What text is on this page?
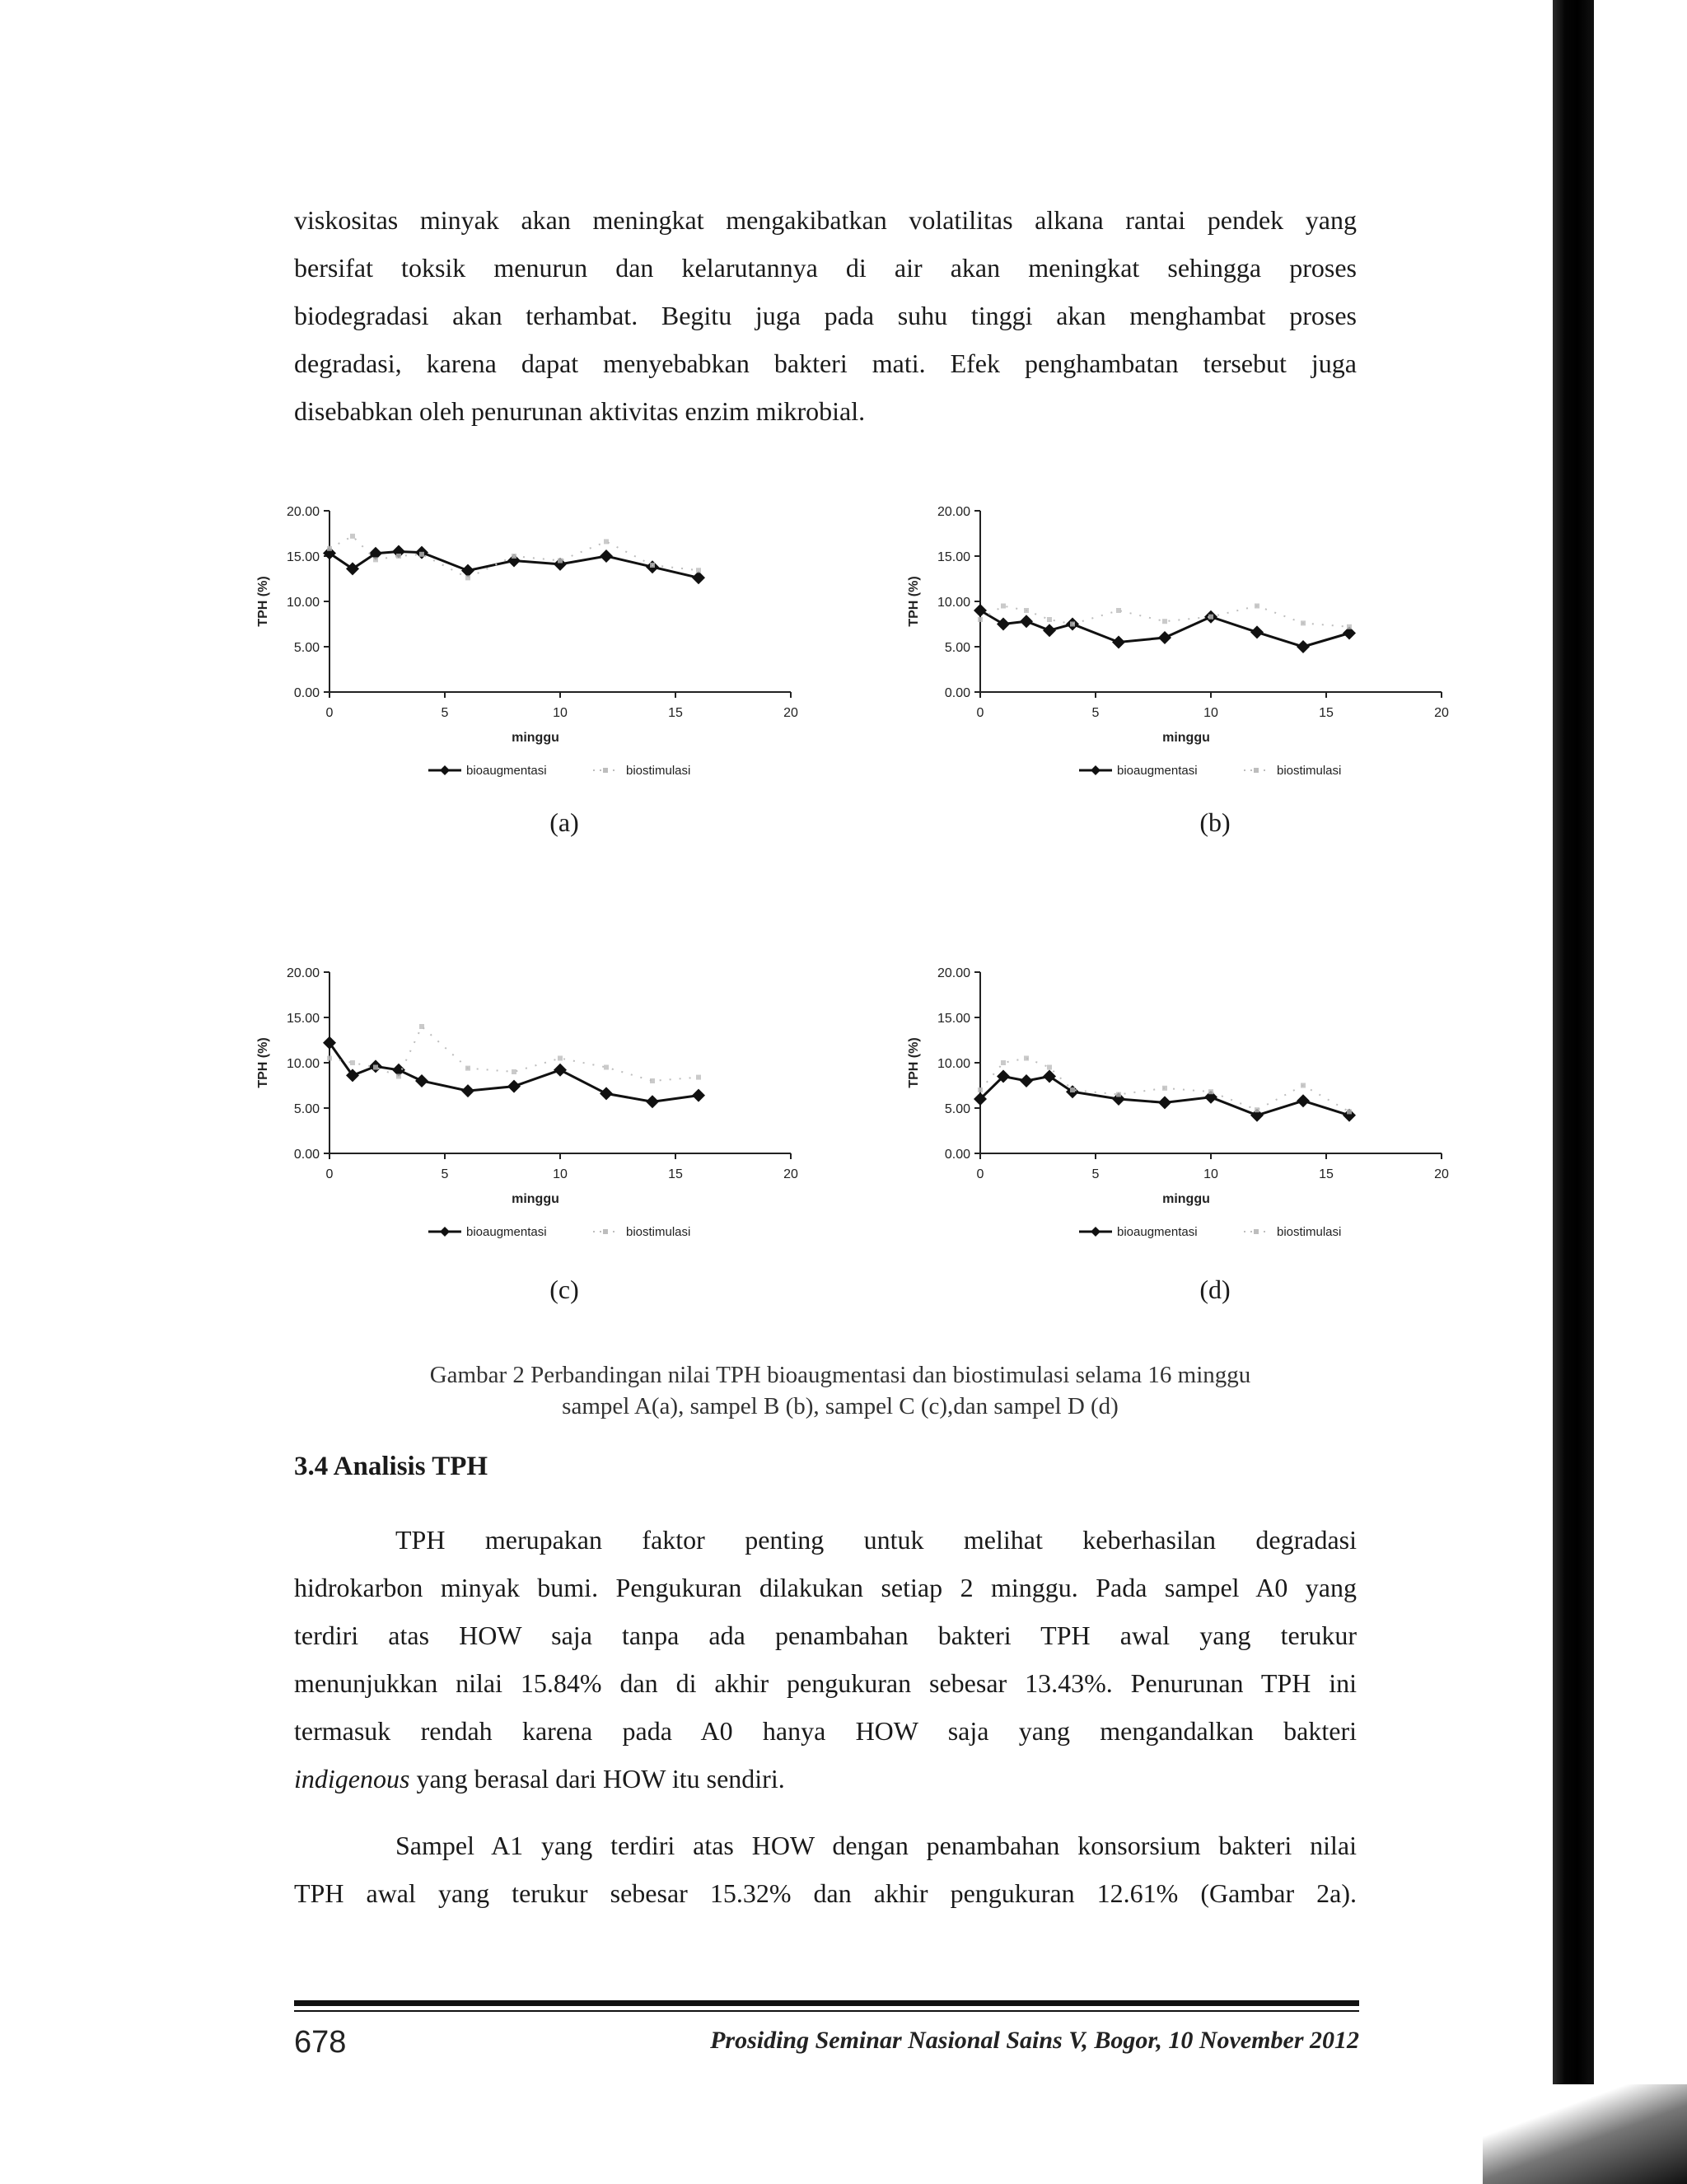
viskositas minyak akan meningkat mengakibatkan volatilitas alkana rantai pendek yang
bersifat toksik menurun dan kelarutannya di air akan meningkat sehingga proses
biodegradasi akan terhambat. Begitu juga pada suhu tinggi akan menghambat proses
degradasi, karena dapat menyebabkan bakteri mati. Efek penghambatan tersebut juga
disebabkan oleh penurunan aktivitas enzim mikrobial.
0.00
5.00
10.00
15.00
20.00
0	5	10	15	20
TPH (%)
minggu
bioaugmentasi	biostimulasi
0.00
5.00
10.00
15.00
20.00
0	5	10	15	20
TPH (%)
minggu
bioaugmentasi	biostimulasi
0.00
5.00
10.00
15.00
20.00
0	5	10	15	20
TPH (%)
minggu
bioaugmentasi	biostimulasi
0.00
5.00
10.00
15.00
20.00
0	5	10	15	20
TPH (%)
minggu
bioaugmentasi	biostimulasi
(a)	(b)
(c)	(d)
Gambar 2 Perbandingan nilai TPH bioaugmentasi dan biostimulasi selama 16 minggu
sampel A(a), sampel B (b), sampel C (c),dan sampel D (d)
3.4 Analisis TPH
TPH merupakan faktor penting untuk melihat keberhasilan degradasi
hidrokarbon minyak bumi. Pengukuran dilakukan setiap 2 minggu. Pada sampel A0 yang
terdiri atas HOW saja tanpa ada penambahan bakteri TPH awal yang terukur
menunjukkan nilai 15.84% dan di akhir pengukuran sebesar 13.43%. Penurunan TPH ini
termasuk rendah karena pada A0 hanya HOW saja yang mengandalkan bakteri
indigenous yang berasal dari HOW itu sendiri.
Sampel A1 yang terdiri atas HOW dengan penambahan konsorsium bakteri nilai
TPH awal yang terukur sebesar 15.32% dan akhir pengukuran 12.61% (Gambar 2a).
678	Prosiding Seminar Nasional Sains V, Bogor, 10 November 2012
